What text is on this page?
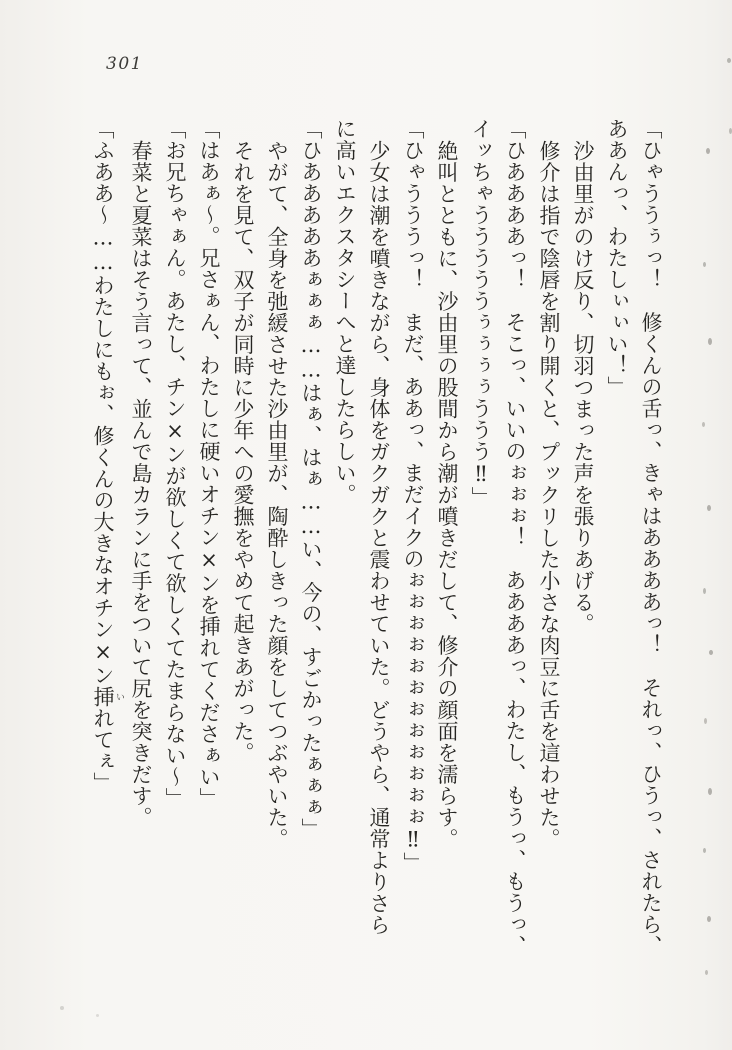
301
「ひゃううぅっ！　修くんの舌っ、きゃはああああっ！　それっ、ひうっ、されたら、
ああんっ、わたしぃぃい！」
沙由里がのけ反り、切羽つまった声を張りあげる。
修介は指で陰唇を割り開くと、プックリした小さな肉豆に舌を這わせた。
「ひああああっ！　そこっ、いいのぉぉぉ！　ああああっ、わたし、もうっ、もうっ、
イッちゃうううううぅぅぅぅううう‼」
絶叫とともに、沙由里の股間から潮が噴きだして、修介の顔面を濡らす。
「ひゃうううっ！　まだ、ああっ、まだイクのぉぉぉぉぉぉぉぉぉぉぉぉ‼」
少女は潮を噴きながら、身体をガクガクと震わせていた。どうやら、通常よりさら
に高いエクスタシーへと達したらしい。
「ひあああああぁぁぁ……はぁ、はぁ……い、今の、すごかったぁぁぁ」
やがて、全身を弛緩させた沙由里が、陶酔しきった顔をしてつぶやいた。
それを見て、双子が同時に少年への愛撫をやめて起きあがった。
「はあぁ～。兄さぁん、わたしに硬いオチン×ンを挿れてくださぁい」
「お兄ちゃぁん。あたし、チン×ンが欲しくて欲しくてたまらない～」
春菜と夏菜はそう言って、並んで島カランに手をついて尻を突きだす。
「ふああ～……わたしにもぉ、修くんの大きなオチン×ン挿 いれてぇ」
